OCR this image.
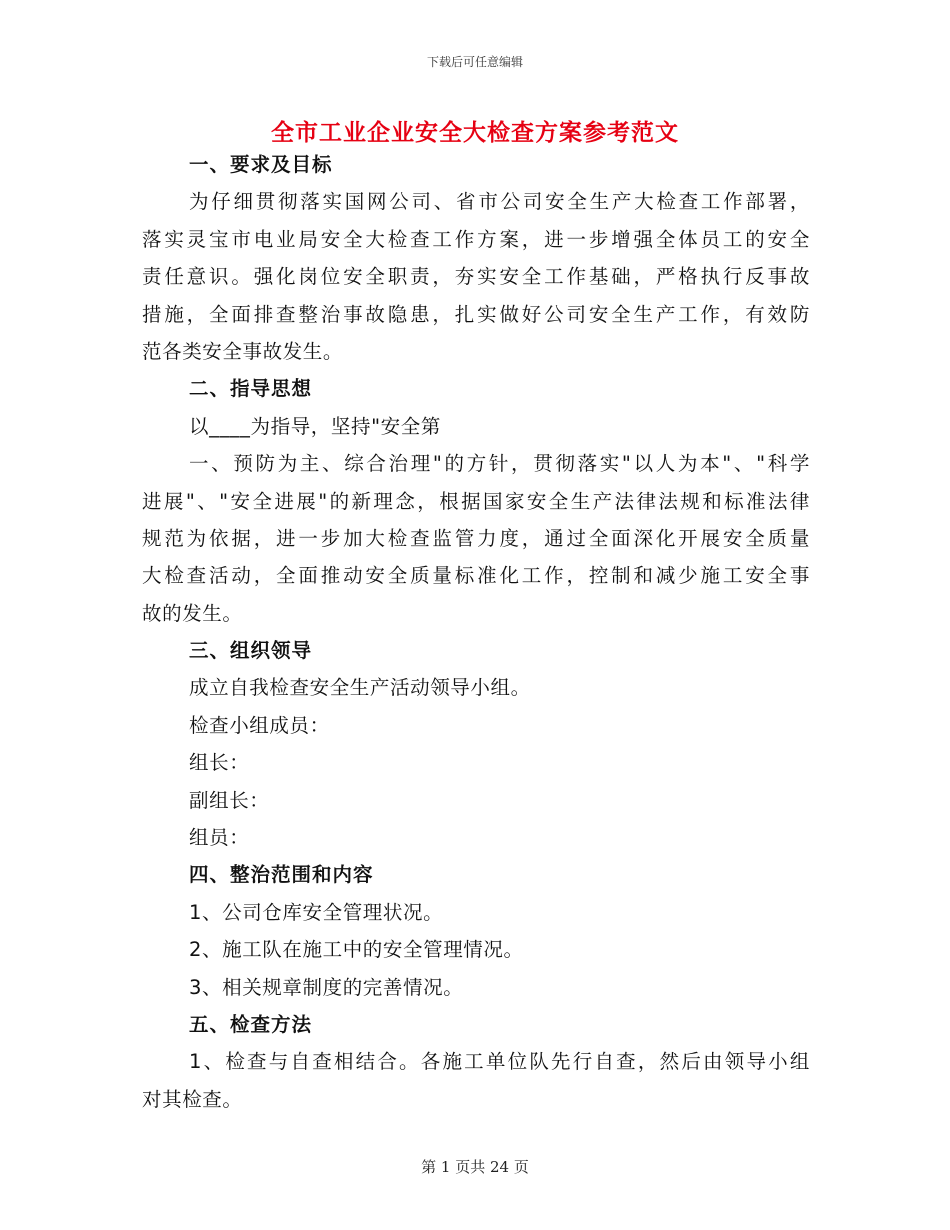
下载后可任意编辑
全市工业企业安全大检查方案参考范文
一、要求及目标
为仔细贯彻落实国网公司、省市公司安全生产大检查工作部署，
落实灵宝市电业局安全大检查工作方案，进一步增强全体员工的安全
责任意识。强化岗位安全职责，夯实安全工作基础，严格执行反事故
措施，全面排查整治事故隐患，扎实做好公司安全生产工作，有效防
范各类安全事故发生。
二、指导思想
以____为指导，坚持"安全第
一、预防为主、综合治理"的方针，贯彻落实"以人为本"、"科学
进展"、"安全进展"的新理念，根据国家安全生产法律法规和标准法律
规范为依据，进一步加大检查监管力度，通过全面深化开展安全质量
大检查活动，全面推动安全质量标准化工作，控制和减少施工安全事
故的发生。
三、组织领导
成立自我检查安全生产活动领导小组。
检查小组成员：
组长：
副组长：
组员：
四、整治范围和内容
1、公司仓库安全管理状况。
2、施工队在施工中的安全管理情况。
3、相关规章制度的完善情况。
五、检查方法
1、检查与自查相结合。各施工单位队先行自查，然后由领导小组
对其检查。
第 1 页共 24 页
